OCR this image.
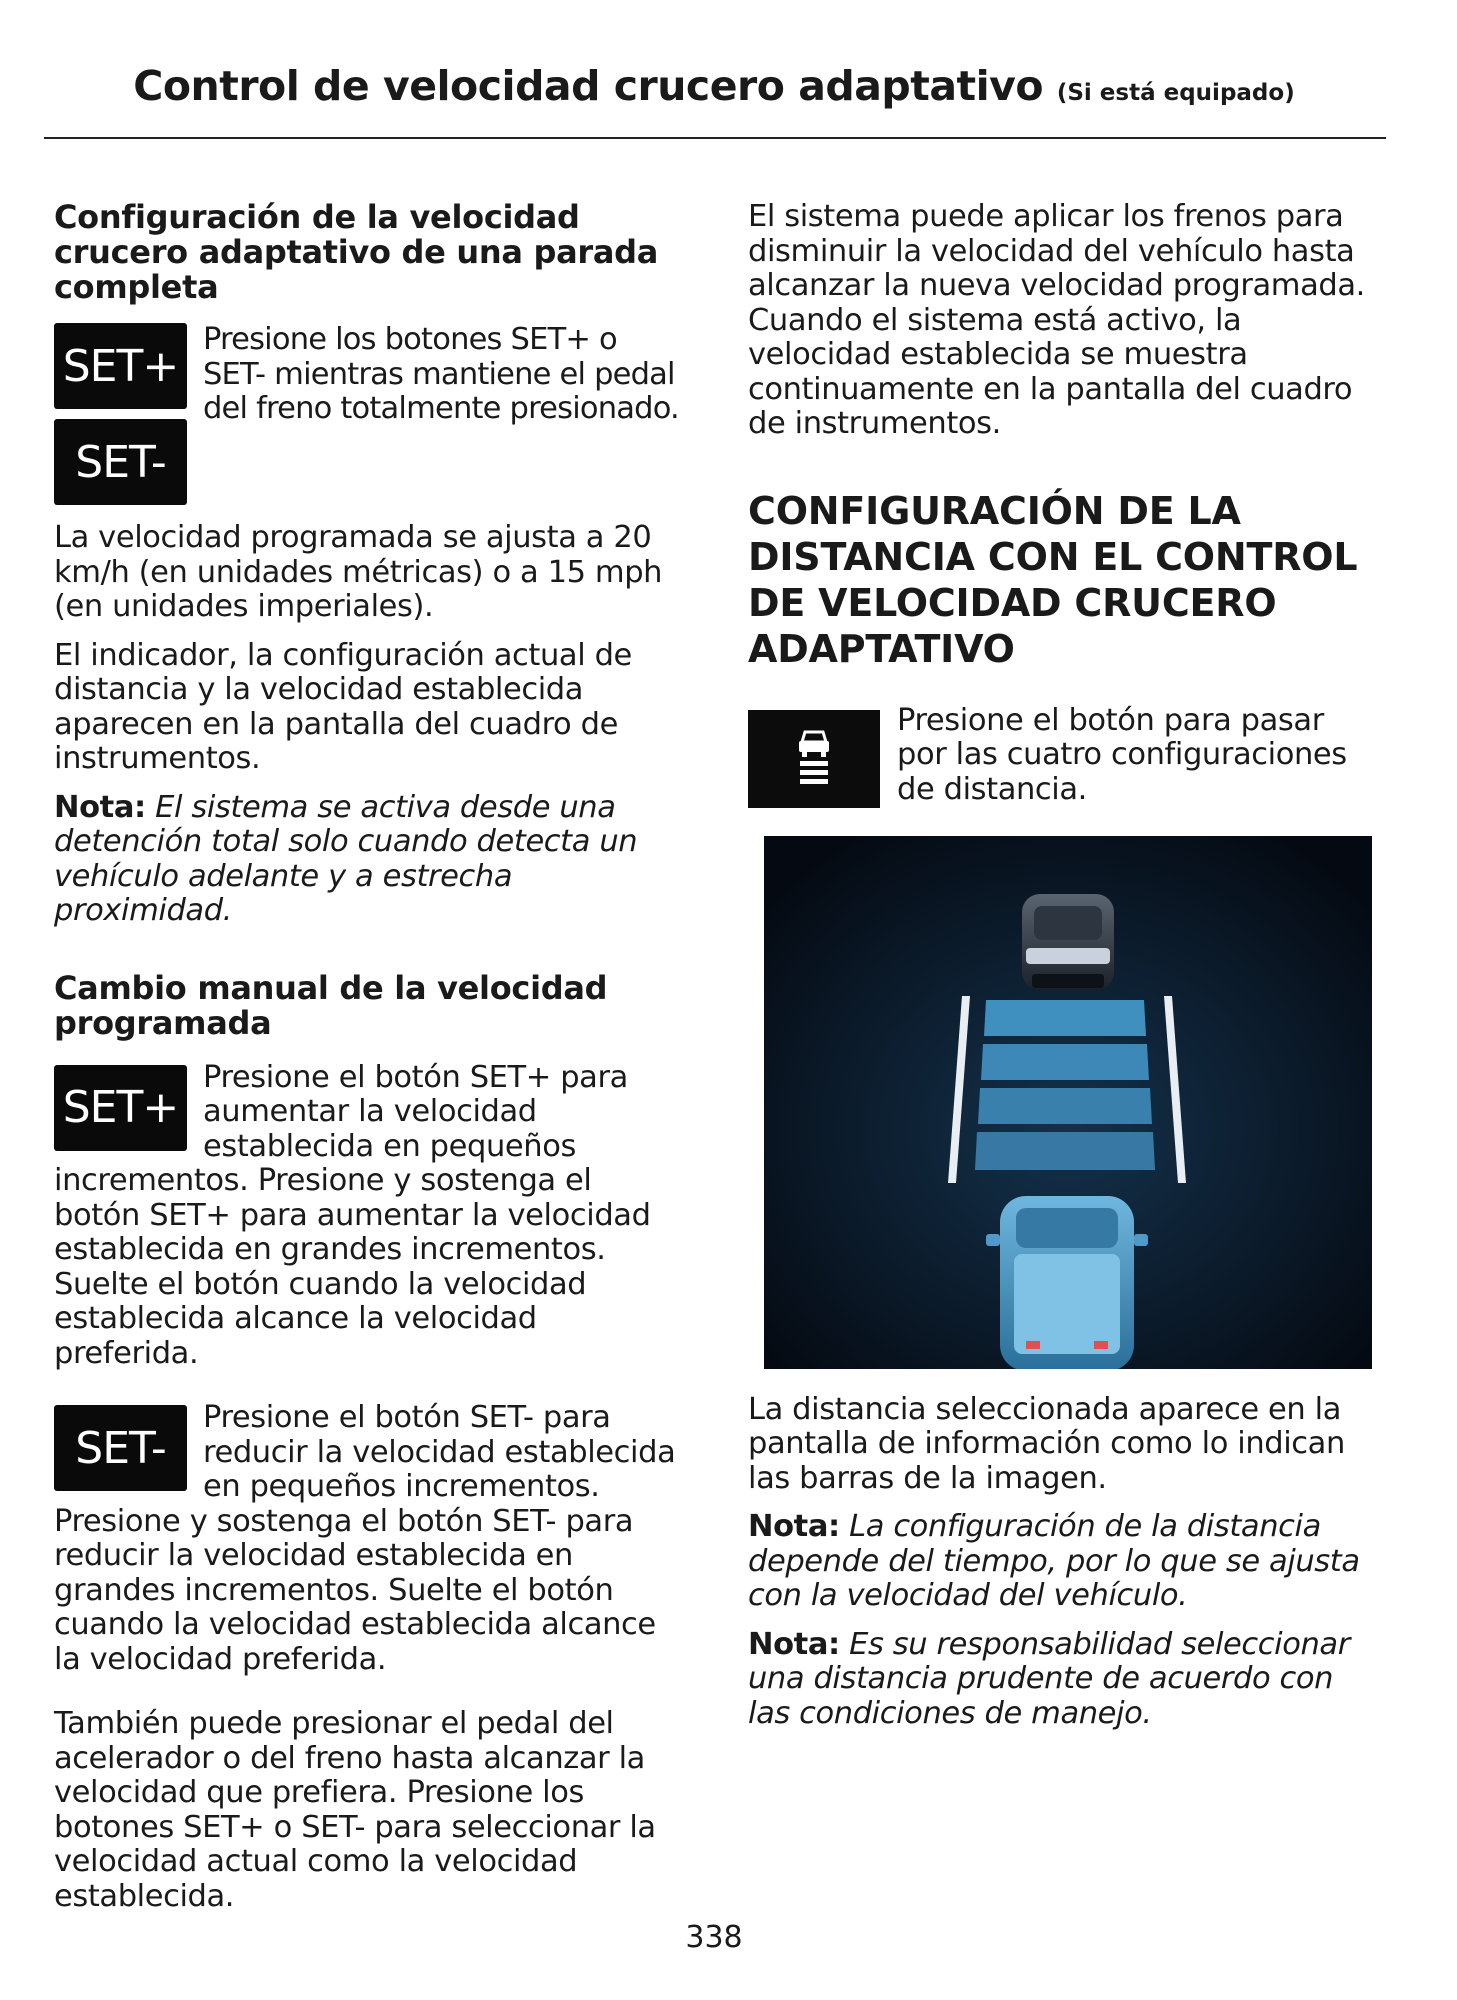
Control de velocidad crucero adaptativo (Si está equipado)
Configuración de la velocidad crucero adaptativo de una parada completa
SET+
SET-

Presione los botones SET+ o SET- mientras mantiene el pedal del freno totalmente presionado.

La velocidad programada se ajusta a 20 km/h (en unidades métricas) o a 15 mph (en unidades imperiales).

El indicador, la configuración actual de distancia y la velocidad establecida aparecen en la pantalla del cuadro de instrumentos.

Nota: El sistema se activa desde una detención total solo cuando detecta un vehículo adelante y a estrecha proximidad.

Cambio manual de la velocidad programada
SET+

Presione el botón SET+ para aumentar la velocidad establecida en pequeños incrementos. Presione y sostenga el botón SET+ para aumentar la velocidad establecida en grandes incrementos. Suelte el botón cuando la velocidad establecida alcance la velocidad preferida.

SET-

Presione el botón SET- para reducir la velocidad establecida en pequeños incrementos. Presione y sostenga el botón SET- para reducir la velocidad establecida en grandes incrementos. Suelte el botón cuando la velocidad establecida alcance la velocidad preferida.

También puede presionar el pedal del acelerador o del freno hasta alcanzar la velocidad que prefiera. Presione los botones SET+ o SET- para seleccionar la velocidad actual como la velocidad establecida.

El sistema puede aplicar los frenos para disminuir la velocidad del vehículo hasta alcanzar la nueva velocidad programada. Cuando el sistema está activo, la velocidad establecida se muestra continuamente en la pantalla del cuadro de instrumentos.

CONFIGURACIÓN DE LA DISTANCIA CON EL CONTROL DE VELOCIDAD CRUCERO ADAPTATIVO

Presione el botón para pasar por las cuatro configuraciones de distancia.

La distancia seleccionada aparece en la pantalla de información como lo indican las barras de la imagen.

Nota: La configuración de la distancia depende del tiempo, por lo que se ajusta con la velocidad del vehículo.

Nota: Es su responsabilidad seleccionar una distancia prudente de acuerdo con las condiciones de manejo.

338
